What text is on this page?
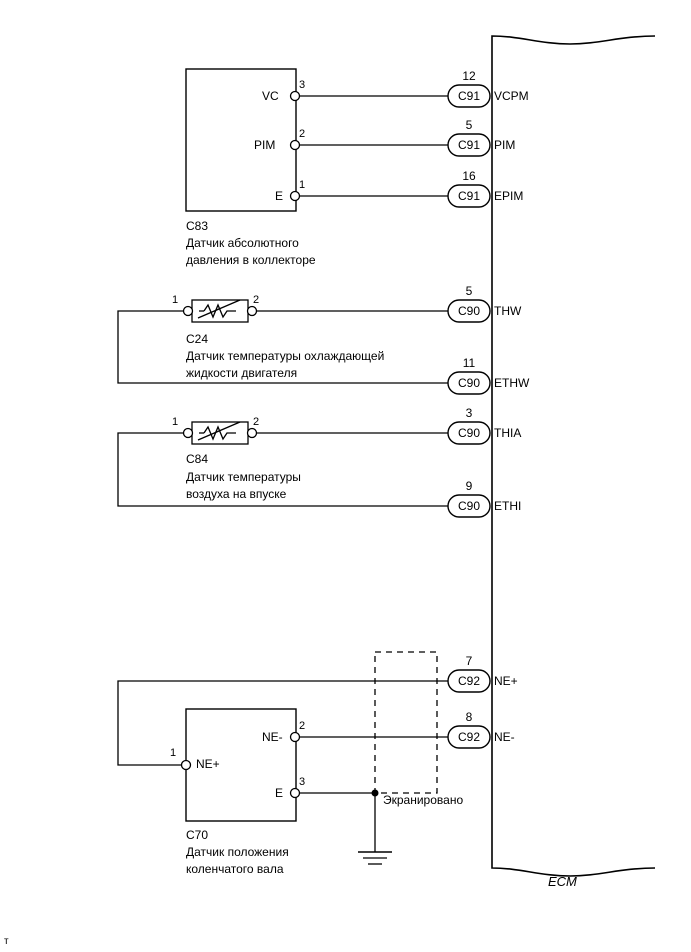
VC
3
PIM
2
E
1
C83
Датчик абсолютного
давления в коллекторе
1	2
C24
Датчик температуры охлаждающей
жидкости двигателя
1	2
C84
Датчик температуры
воздуха на впуске
NE+
1
NE-
2
E
3
C70
Датчик положения
коленчатого вала
Экранировано
12
C91	VCPM
5
C91	PIM
16
C91	EPIM
5
C90	THW
11
C90	ETHW
3
C90	THIA
9
C90	ETHI
7
C92	NE+
8
C92	NE-
ECM
т
